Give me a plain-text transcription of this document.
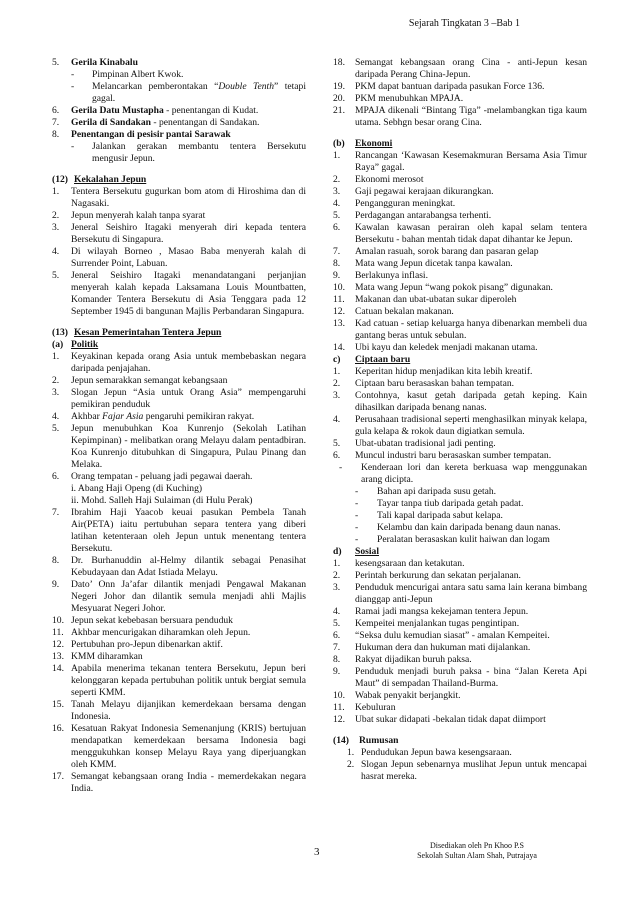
Sejarah Tingkatan 3 –Bab 1
5.	Gerila Kinabalu
-	Pimpinan Albert Kwok.
-	Melancarkan pemberontakan “Double Tenth” tetapi gagal.
6.	Gerila Datu Mustapha - penentangan di Kudat.
7.	Gerila di Sandakan - penentangan di Sandakan.
8.	Penentangan di pesisir pantai Sarawak
-	Jalankan gerakan membantu tentera Bersekutu mengusir Jepun.
(12) Kekalahan Jepun
1.	Tentera Bersekutu gugurkan bom atom di Hiroshima dan di Nagasaki.
2.	Jepun menyerah kalah tanpa syarat
3.	Jeneral Seishiro Itagaki menyerah diri kepada tentera Bersekutu di Singapura.
4.	Di wilayah Borneo , Masao Baba menyerah kalah di Surrender Point, Labuan.
5.	Jeneral Seishiro Itagaki menandatangani perjanjian menyerah kalah kepada Laksamana Louis Mountbatten, Komander Tentera Bersekutu di Asia Tenggara pada 12 September 1945 di bangunan Majlis Perbandaran Singapura.
(13) Kesan Pemerintahan Tentera Jepun
(a) Politik
1.	Keyakinan kepada orang Asia untuk membebaskan negara daripada penjajahan.
2.	Jepun semarakkan semangat kebangsaan
3.	Slogan Jepun “Asia untuk Orang Asia” mempengaruhi pemikiran penduduk
4.	Akhbar Fajar Asia pengaruhi pemikiran rakyat.
5.	Jepun menubuhkan Koa Kunrenjo (Sekolah Latihan Kepimpinan) - melibatkan orang Melayu dalam pentadbiran. Koa Kunrenjo ditubuhkan di Singapura, Pulau Pinang dan Melaka.
6.	Orang tempatan - peluang jadi pegawai daerah.
i. Abang Haji Openg (di Kuching)
ii. Mohd. Salleh Haji Sulaiman (di Hulu Perak)
7.	Ibrahim Haji Yaacob keuai pasukan Pembela Tanah Air(PETA) iaitu pertubuhan separa tentera yang diberi latihan ketenteraan oleh Jepun untuk menentang tentera Bersekutu.
8.	Dr. Burhanuddin al-Helmy dilantik sebagai Penasihat Kebudayaan dan Adat Istiada Melayu.
9.	Dato’ Onn Ja’afar dilantik menjadi Pengawal Makanan Negeri Johor dan dilantik semula menjadi ahli Majlis Mesyuarat Negeri Johor.
10. Jepun sekat kebebasan bersuara penduduk
11. Akhbar mencurigakan diharamkan oleh Jepun.
12. Pertubuhan pro-Jepun dibenarkan aktif.
13. KMM diharamkan
14. Apabila menerima tekanan tentera Bersekutu, Jepun beri kelonggaran kepada pertubuhan politik untuk bergiat semula seperti KMM.
15. Tanah Melayu dijanjikan kemerdekaan bersama dengan Indonesia.
16. Kesatuan Rakyat Indonesia Semenanjung (KRIS) bertujuan mendapatkan kemerdekaan bersama Indonesia bagi menggukuhkan konsep Melayu Raya yang diperjuangkan oleh KMM.
17. Semangat kebangsaan orang India - memerdekakan negara India.
18.	Semangat kebangsaan orang Cina - anti-Jepun kesan daripada Perang China-Jepun.
19.	PKM dapat bantuan daripada pasukan Force 136.
20.	PKM menubuhkan MPAJA.
21.	MPAJA dikenali “Bintang Tiga” -melambangkan tiga kaum utama. Sebhgn besar orang Cina.
(b)	Ekonomi
1.	Rancangan ‘Kawasan Kesemakmuran Bersama Asia Timur Raya” gagal.
2.	Ekonomi merosot
3.	Gaji pegawai kerajaan dikurangkan.
4.	Pengangguran meningkat.
5.	Perdagangan antarabangsa terhenti.
6.	Kawalan kawasan perairan oleh kapal selam tentera Bersekutu - bahan mentah tidak dapat dihantar ke Jepun.
7.	Amalan rasuah, sorok barang dan pasaran gelap
8.	Mata wang Jepun dicetak tanpa kawalan.
9.	Berlakunya inflasi.
10.	Mata wang Jepun “wang pokok pisang” digunakan.
11.	Makanan dan ubat-ubatan sukar diperoleh
12.	Catuan bekalan makanan.
13.	Kad catuan - setiap keluarga hanya dibenarkan membeli dua gantang beras untuk sebulan.
14.	Ubi kayu dan keledek menjadi makanan utama.
c)	Ciptaan baru
1.	Keperitan hidup menjadikan kita lebih kreatif.
2.	Ciptaan baru berasaskan bahan tempatan.
3.	Contohnya, kasut getah daripada getah keping. Kain dihasilkan daripada benang nanas.
4.	Perusahaan tradisional seperti menghasilkan minyak kelapa, gula kelapa & rokok daun digiatkan semula.
5.	Ubat-ubatan tradisional jadi penting.
6.	Muncul industri baru berasaskan sumber tempatan.
-	Kenderaan lori dan kereta berkuasa wap menggunakan arang dicipta.
-	Bahan api daripada susu getah.
-	Tayar tanpa tiub daripada getah padat.
-	Tali kapal daripada sabut kelapa.
-	Kelambu dan kain daripada benang daun nanas.
-	Peralatan berasaskan kulit haiwan dan logam
d)	Sosial
1.	kesengsaraan dan ketakutan.
2.	Perintah berkurung dan sekatan perjalanan.
3.	Penduduk mencurigai antara satu sama lain kerana bimbang dianggap anti-Jepun
4.	Ramai jadi mangsa kekejaman tentera Jepun.
5.	Kempeitei menjalankan tugas pengintipan.
6.	“Seksa dulu kemudian siasat” - amalan Kempeitei.
7.	Hukuman dera dan hukuman mati dijalankan.
8.	Rakyat dijadikan buruh paksa.
9.	Penduduk menjadi buruh paksa - bina “Jalan Kereta Api Maut” di sempadan Thailand-Burma.
10.	Wabak penyakit berjangkit.
11.	Kebuluran
12.	Ubat sukar didapati -bekalan tidak dapat diimport
(14)	Rumusan
1. Pendudukan Jepun bawa kesengsaraan.
2. Slogan Jepun sebenarnya muslihat Jepun untuk mencapai hasrat mereka.
3
Disediakan oleh Pn Khoo P.S
Sekolah Sultan Alam Shah, Putrajaya
